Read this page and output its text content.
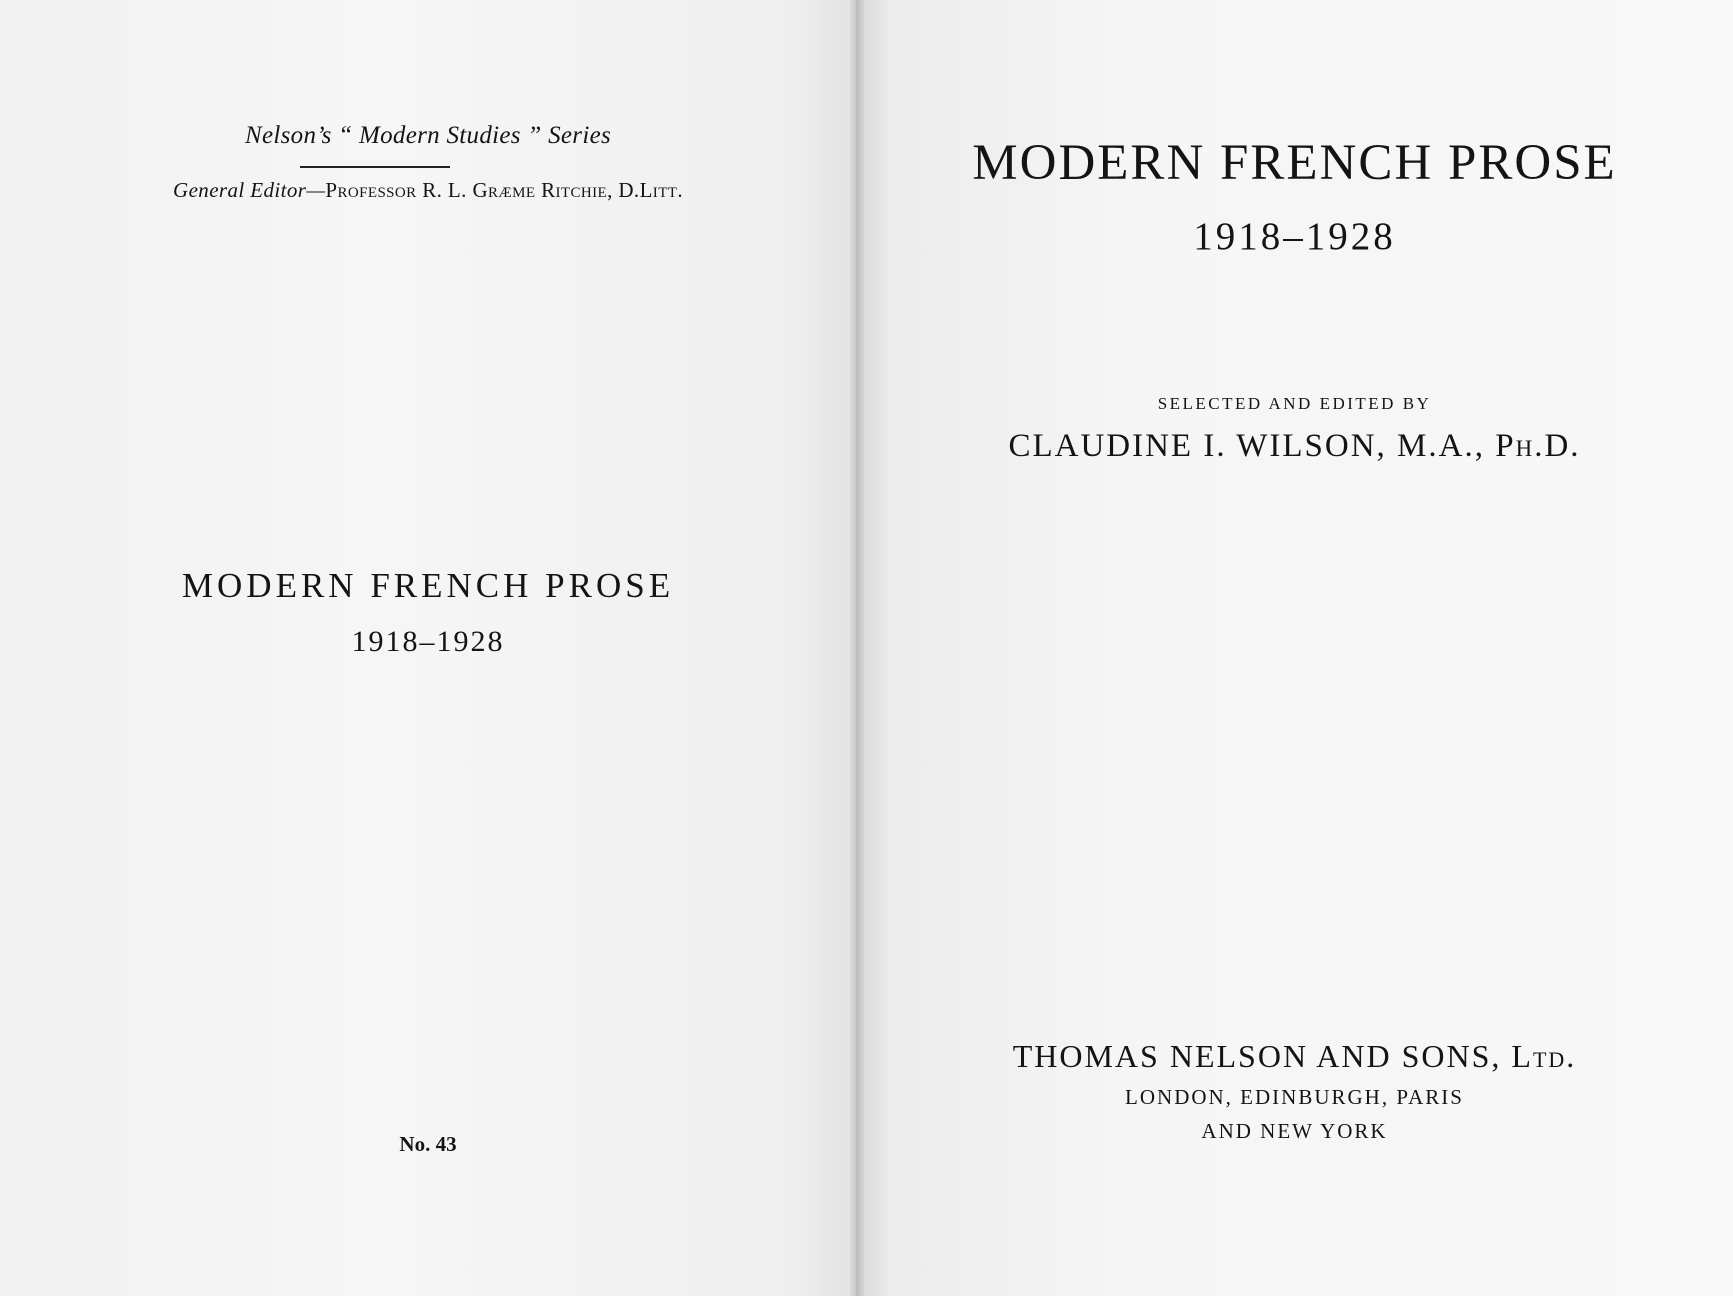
Nelson’s “ Modern Studies ” Series
General Editor—Professor R. L. Græme Ritchie, D.Litt.
MODERN FRENCH PROSE
1918–1928
No. 43
MODERN FRENCH PROSE
1918–1928
SELECTED AND EDITED BY
CLAUDINE I. WILSON, M.A., Ph.D.
THOMAS NELSON AND SONS, Ltd.
LONDON, EDINBURGH, PARIS
AND NEW YORK
